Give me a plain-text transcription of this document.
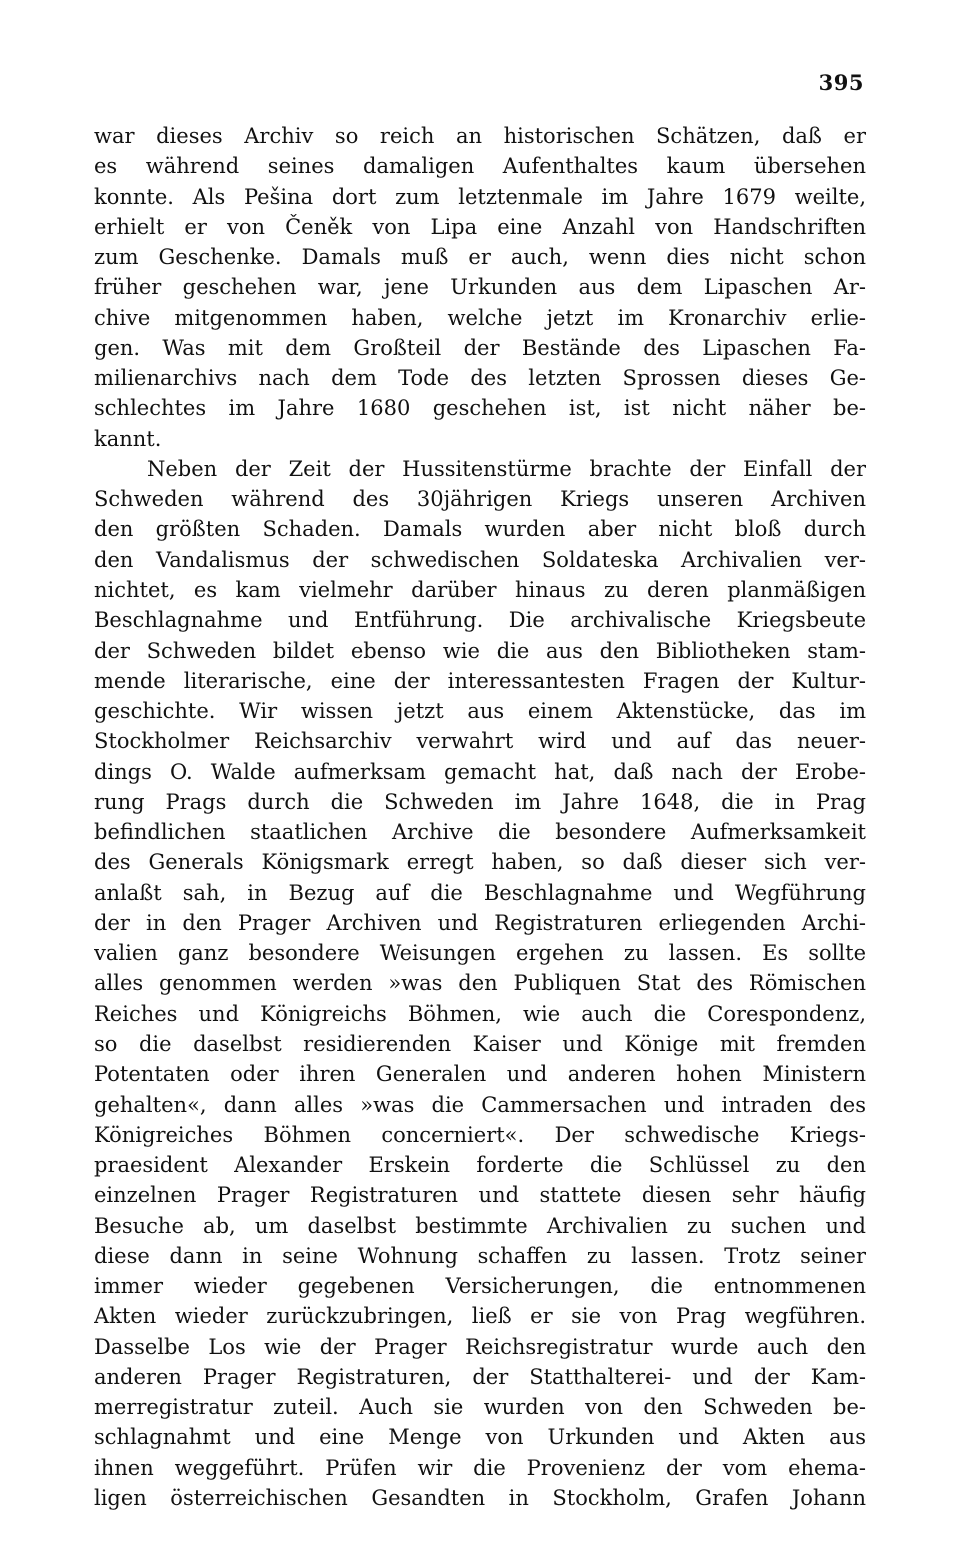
395
war dieses Archiv so reich an historischen Schätzen, daß er
es während seines damaligen Aufenthaltes kaum übersehen
konnte. Als Pešina dort zum letztenmale im Jahre 1679 weilte,
erhielt er von Čeněk von Lipa eine Anzahl von Handschriften
zum Geschenke. Damals muß er auch, wenn dies nicht schon
früher geschehen war, jene Urkunden aus dem Lipaschen Ar-
chive mitgenommen haben, welche jetzt im Kronarchiv erlie-
gen. Was mit dem Großteil der Bestände des Lipaschen Fa-
milienarchivs nach dem Tode des letzten Sprossen dieses Ge-
schlechtes im Jahre 1680 geschehen ist, ist nicht näher be-
kannt.
Neben der Zeit der Hussitenstürme brachte der Einfall der
Schweden während des 30jährigen Kriegs unseren Archiven
den größten Schaden. Damals wurden aber nicht bloß durch
den Vandalismus der schwedischen Soldateska Archivalien ver-
nichtet, es kam vielmehr darüber hinaus zu deren planmäßigen
Beschlagnahme und Entführung. Die archivalische Kriegsbeute
der Schweden bildet ebenso wie die aus den Bibliotheken stam-
mende literarische, eine der interessantesten Fragen der Kultur-
geschichte. Wir wissen jetzt aus einem Aktenstücke, das im
Stockholmer Reichsarchiv verwahrt wird und auf das neuer-
dings O. Walde aufmerksam gemacht hat, daß nach der Erobe-
rung Prags durch die Schweden im Jahre 1648, die in Prag
befindlichen staatlichen Archive die besondere Aufmerksamkeit
des Generals Königsmark erregt haben, so daß dieser sich ver-
anlaßt sah, in Bezug auf die Beschlagnahme und Wegführung
der in den Prager Archiven und Registraturen erliegenden Archi-
valien ganz besondere Weisungen ergehen zu lassen. Es sollte
alles genommen werden »was den Publiquen Stat des Römischen
Reiches und Königreichs Böhmen, wie auch die Corespondenz,
so die daselbst residierenden Kaiser und Könige mit fremden
Potentaten oder ihren Generalen und anderen hohen Ministern
gehalten«, dann alles »was die Cammersachen und intraden des
Königreiches Böhmen concerniert«. Der schwedische Kriegs-
praesident Alexander Erskein forderte die Schlüssel zu den
einzelnen Prager Registraturen und stattete diesen sehr häufig
Besuche ab, um daselbst bestimmte Archivalien zu suchen und
diese dann in seine Wohnung schaffen zu lassen. Trotz seiner
immer wieder gegebenen Versicherungen, die entnommenen
Akten wieder zurückzubringen, ließ er sie von Prag wegführen.
Dasselbe Los wie der Prager Reichsregistratur wurde auch den
anderen Prager Registraturen, der Statthalterei- und der Kam-
merregistratur zuteil. Auch sie wurden von den Schweden be-
schlagnahmt und eine Menge von Urkunden und Akten aus
ihnen weggeführt. Prüfen wir die Provenienz der vom ehema-
ligen österreichischen Gesandten in Stockholm, Grafen Johann
